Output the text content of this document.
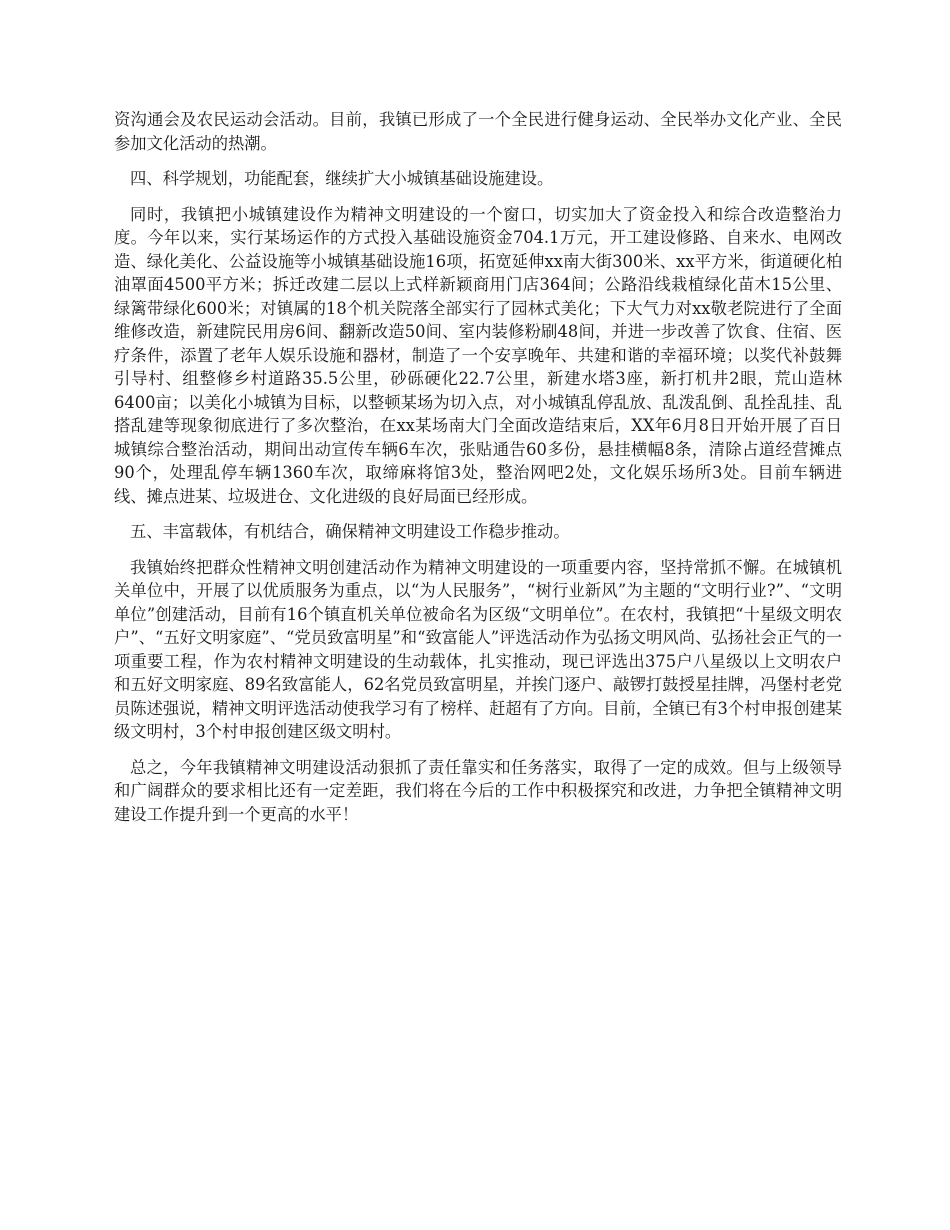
资沟通会及农民运动会活动。目前，我镇已形成了一个全民进行健身运动、全民举办文化产业、全民参加文化活动的热潮。

四、科学规划，功能配套，继续扩大小城镇基础设施建设。

同时，我镇把小城镇建设作为精神文明建设的一个窗口，切实加大了资金投入和综合改造整治力度。今年以来，实行某场运作的方式投入基础设施资金704.1万元，开工建设修路、自来水、电网改造、绿化美化、公益设施等小城镇基础设施16项，拓宽延伸xx南大街300米、xx平方米，街道硬化柏油罩面4500平方米；拆迁改建二层以上式样新颖商用门店364间；公路沿线栽植绿化苗木15公里、绿篱带绿化600米；对镇属的18个机关院落全部实行了园林式美化；下大气力对xx敬老院进行了全面维修改造，新建院民用房6间、翻新改造50间、室内装修粉刷48间，并进一步改善了饮食、住宿、医疗条件，添置了老年人娱乐设施和器材，制造了一个安享晚年、共建和谐的幸福环境；以奖代补鼓舞引导村、组整修乡村道路35.5公里，砂砾硬化22.7公里，新建水塔3座，新打机井2眼，荒山造林6400亩；以美化小城镇为目标，以整顿某场为切入点，对小城镇乱停乱放、乱泼乱倒、乱拴乱挂、乱搭乱建等现象彻底进行了多次整治，在xx某场南大门全面改造结束后，XX年6月8日开始开展了百日城镇综合整治活动，期间出动宣传车辆6车次，张贴通告60多份，悬挂横幅8条，清除占道经营摊点90个，处理乱停车辆1360车次，取缔麻将馆3处，整治网吧2处，文化娱乐场所3处。目前车辆进线、摊点进某、垃圾进仓、文化进级的良好局面已经形成。

五、丰富载体，有机结合，确保精神文明建设工作稳步推动。

我镇始终把群众性精神文明创建活动作为精神文明建设的一项重要内容，坚持常抓不懈。在城镇机关单位中，开展了以优质服务为重点，以“为人民服务”，“树行业新风”为主题的“文明行业?”、“文明单位”创建活动，目前有16个镇直机关单位被命名为区级“文明单位”。在农村，我镇把“十星级文明农户”、“五好文明家庭”、“党员致富明星”和“致富能人”评选活动作为弘扬文明风尚、弘扬社会正气的一项重要工程，作为农村精神文明建设的生动载体，扎实推动，现已评选出375户八星级以上文明农户和五好文明家庭、89名致富能人，62名党员致富明星，并挨门逐户、敲锣打鼓授星挂牌，冯堡村老党员陈述强说，精神文明评选活动使我学习有了榜样、赶超有了方向。目前，全镇已有3个村申报创建某级文明村，3个村申报创建区级文明村。

总之，今年我镇精神文明建设活动狠抓了责任靠实和任务落实，取得了一定的成效。但与上级领导和广阔群众的要求相比还有一定差距，我们将在今后的工作中积极探究和改进，力争把全镇精神文明建设工作提升到一个更高的水平！
